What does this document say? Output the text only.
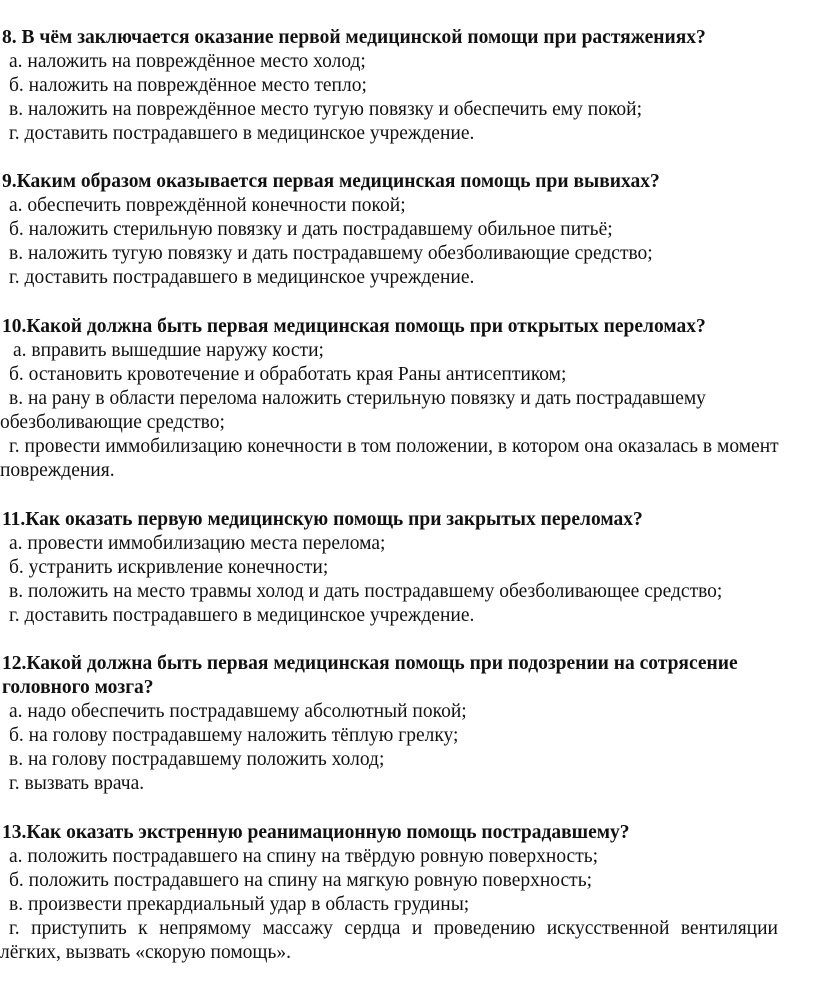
8. В чём заключается оказание первой медицинской помощи при растяжениях?

а. наложить на повреждённое место холод;

б. наложить на повреждённое место тепло;

в. наложить на повреждённое место тугую повязку и обеспечить ему покой;

г. доставить пострадавшего в медицинское учреждение.

9.Каким образом оказывается первая медицинская помощь при вывихах?

а. обеспечить повреждённой конечности покой;

б. наложить стерильную повязку и дать пострадавшему обильное питьё;

в. наложить тугую повязку и дать пострадавшему обезболивающие средство;

г. доставить пострадавшего в медицинское учреждение.

10.Какой должна быть первая медицинская помощь при открытых переломах?

а. вправить вышедшие наружу кости;

б. остановить кровотечение и обработать края Раны антисептиком;

в. на рану в области перелома наложить стерильную повязку и дать пострадавшему обезболивающие средство;

г. провести иммобилизацию конечности в том положении, в котором она оказалась в момент повреждения.

11.Как оказать первую медицинскую помощь при закрытых переломах?

а. провести иммобилизацию места перелома;

б. устранить искривление конечности;

в. положить на место травмы холод и дать пострадавшему обезболивающее средство;

г. доставить пострадавшего в медицинское учреждение.

12.Какой должна быть первая медицинская помощь при подозрении на сотрясение головного мозга?

а. надо обеспечить пострадавшему абсолютный покой;

б. на голову пострадавшему наложить тёплую грелку;

в. на голову пострадавшему положить холод;

г. вызвать врача.

13.Как оказать экстренную реанимационную помощь пострадавшему?

а. положить пострадавшего на спину на твёрдую ровную поверхность;

б. положить пострадавшего на спину на мягкую ровную поверхность;

в. произвести прекардиальный удар в область грудины;

г. приступить к непрямому массажу сердца и проведению искусственной вентиляции лёгких, вызвать «скорую помощь».
